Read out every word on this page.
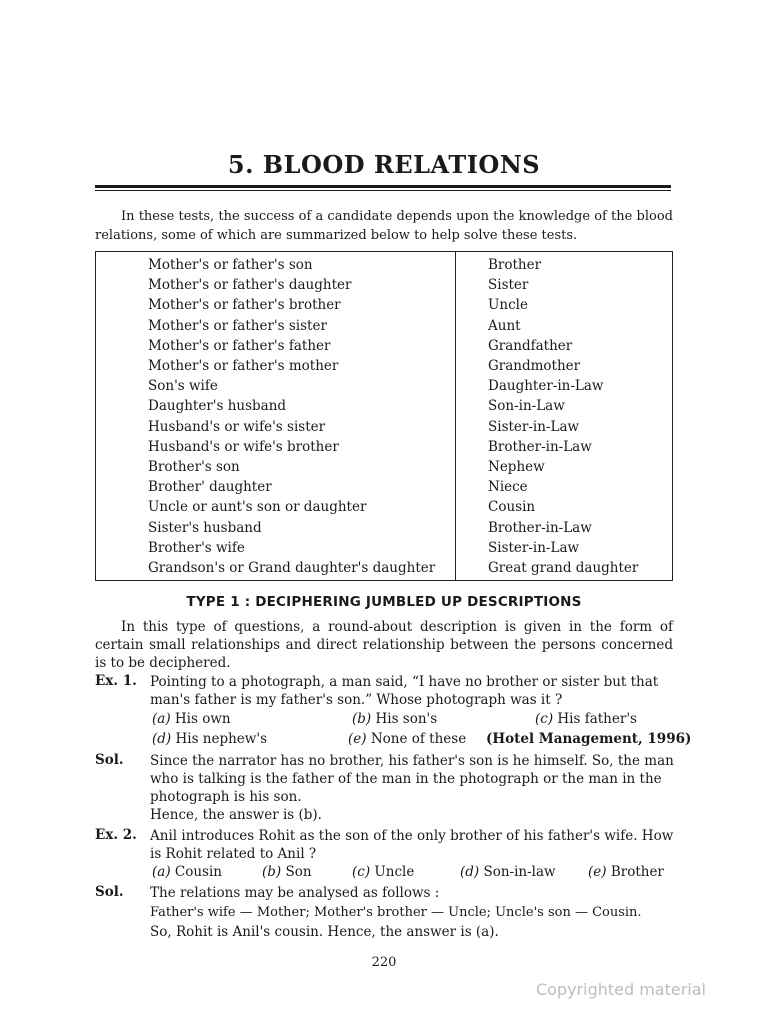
5. BLOOD RELATIONS
In these tests, the success of a candidate depends upon the knowledge of the blood relations, some of which are summarized below to help solve these tests.
Mother's or father's son	Brother
Mother's or father's daughter	Sister
Mother's or father's brother	Uncle
Mother's or father's sister	Aunt
Mother's or father's father	Grandfather
Mother's or father's mother	Grandmother
Son's wife	Daughter-in-Law
Daughter's husband	Son-in-Law
Husband's or wife's sister	Sister-in-Law
Husband's or wife's brother	Brother-in-Law
Brother's son	Nephew
Brother' daughter	Niece
Uncle or aunt's son or daughter	Cousin
Sister's husband	Brother-in-Law
Brother's wife	Sister-in-Law
Grandson's or Grand daughter's daughter	Great grand daughter
TYPE 1 : DECIPHERING JUMBLED UP DESCRIPTIONS
In this type of questions, a round-about description is given in the form of certain small relationships and direct relationship between the persons concerned is to be deciphered.
Ex. 1. Pointing to a photograph, a man said, “I have no brother or sister but that man's father is my father's son.” Whose photograph was it ?
(a) His own	(b) His son's	(c) His father's
(d) His nephew's	(e) None of these (Hotel Management, 1996)
Sol. Since the narrator has no brother, his father's son is he himself. So, the man who is talking is the father of the man in the photograph or the man in the photograph is his son.
Hence, the answer is (b).
Ex. 2. Anil introduces Rohit as the son of the only brother of his father's wife. How is Rohit related to Anil ?
(a) Cousin	(b) Son	(c) Uncle	(d) Son-in-law (e) Brother
Sol. The relations may be analysed as follows :
Father's wife — Mother; Mother's brother — Uncle; Uncle's son — Cousin.
So, Rohit is Anil's cousin. Hence, the answer is (a).
220
Copyrighted material
